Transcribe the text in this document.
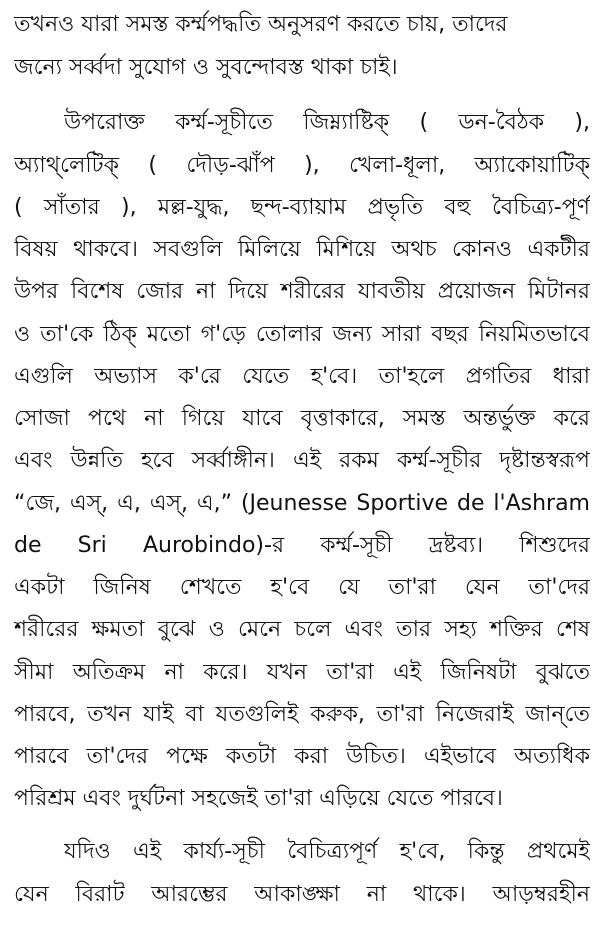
তখনও যারা সমস্ত কর্ম্মপদ্ধতি অনুসরণ করতে চায়, তাদের
জন্যে সর্ব্বদা সুযোগ ও সুবন্দোবস্ত থাকা চাই।
উপরোক্ত কর্ম্ম-সূচীতে জিম্ন্যাষ্টিক্ ( ডন-বৈঠক ),
অ্যাথ্‌লেটিক্ ( দৌড়-ঝাঁপ ), খেলা-ধূলা, অ্যাকোয়াটিক্
( সাঁতার ), মল্ল-যুদ্ধ, ছন্দ-ব্যায়াম প্রভৃতি বহু বৈচিত্র্য-পূর্ণ
বিষয় থাকবে। সবগুলি মিলিয়ে মিশিয়ে অথচ কোনও একটীর
উপর বিশেষ জোর না দিয়ে শরীরের যাবতীয় প্রয়োজন মিটানর
ও তা'কে ঠিক্ মতো গ'ড়ে তোলার জন্য সারা বছর নিয়মিতভাবে
এগুলি অভ্যাস ক'রে যেতে হ'বে। তা'হলে প্রগতির ধারা
সোজা পথে না গিয়ে যাবে বৃত্তাকারে, সমস্ত অন্তর্ভুক্ত করে
এবং উন্নতি হবে সর্ব্বাঙ্গীন। এই রকম কর্ম্ম-সূচীর দৃষ্টান্তস্বরূপ
“জে, এস্, এ, এস্, এ,” (Jeunesse Sportive de l'Ashram
de Sri Aurobindo)-র কর্ম্ম-সূচী দ্রষ্টব্য। শিশুদের
একটা জিনিষ শেখতে হ'বে যে তা'রা যেন তা'দের
শরীরের ক্ষমতা বুঝে ও মেনে চলে এবং তার সহ্য শক্তির শেষ
সীমা অতিক্রম না করে। যখন তা'রা এই জিনিষটা বুঝতে
পারবে, তখন যাই বা যতগুলিই করুক, তা'রা নিজেরাই জান্‌তে
পারবে তা'দের পক্ষে কতটা করা উচিত। এইভাবে অত্যধিক
পরিশ্রম এবং দুর্ঘটনা সহজেই তা'রা এড়িয়ে যেতে পারবে।
যদিও এই কার্য্য-সূচী বৈচিত্র্যপূর্ণ হ'বে, কিন্তু প্রথমেই
যেন বিরাট আরম্ভের আকাঙ্ক্ষা না থাকে। আড়ম্বরহীন
